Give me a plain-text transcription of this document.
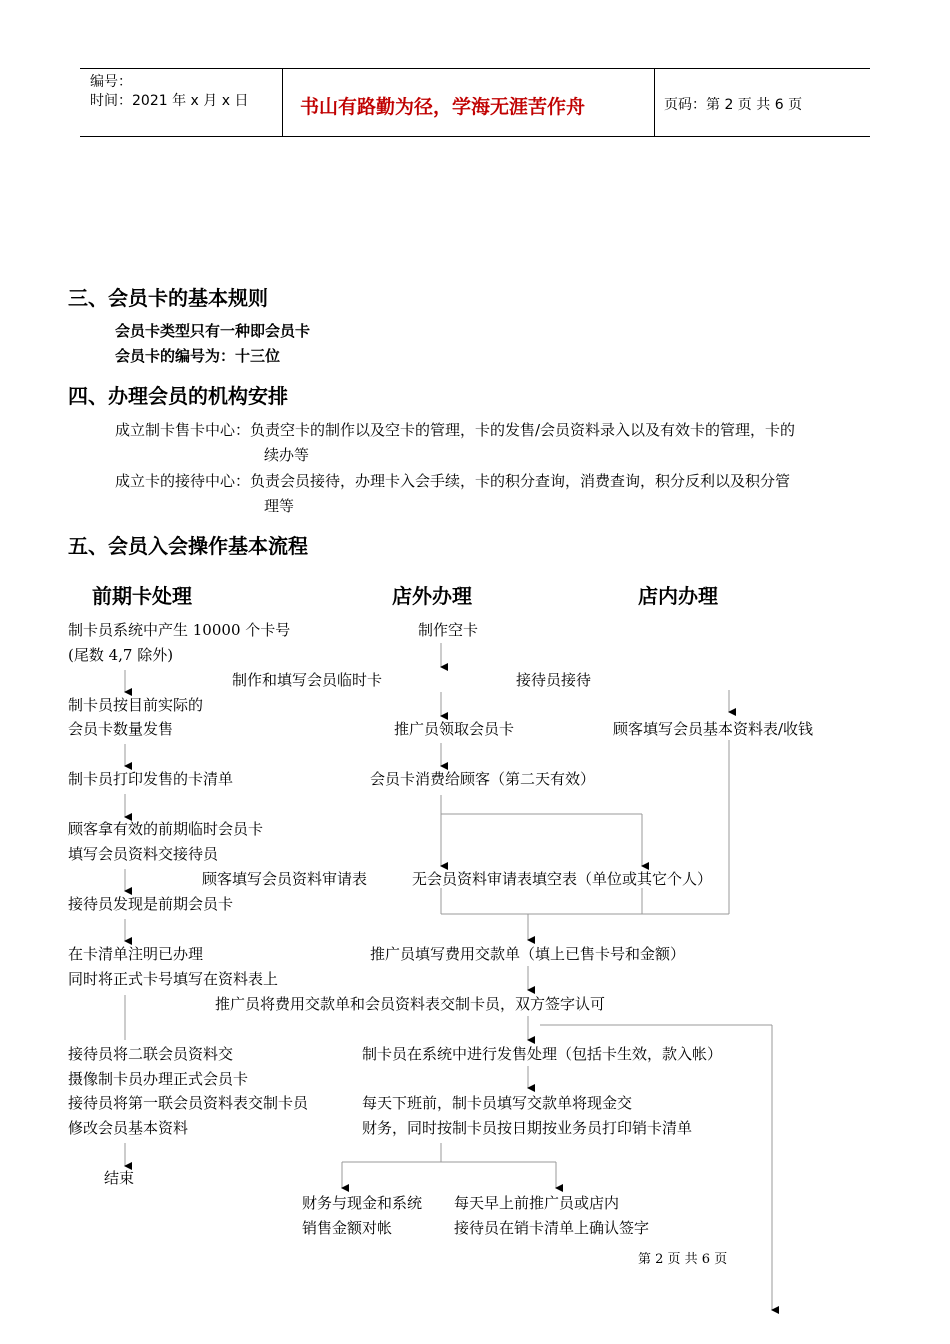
编号：
时间：2021 年 x 月 x 日	书山有路勤为径，学海无涯苦作舟	页码：第 2 页 共 6 页
三、会员卡的基本规则
会员卡类型只有一种即会员卡
会员卡的编号为：十三位
四、办理会员的机构安排
成立制卡售卡中心：负责空卡的制作以及空卡的管理，卡的发售/会员资料录入以及有效卡的管理，卡的
续办等
成立卡的接待中心：负责会员接待，办理卡入会手续，卡的积分查询，消费查询，积分反利以及积分管
理等
五、会员入会操作基本流程
前期卡处理	店外办理	店内办理
制卡员系统中产生 10000 个卡号
(尾数 4,7 除外)
制卡员按目前实际的
会员卡数量发售
制卡员打印发售的卡清单
顾客拿有效的前期临时会员卡
填写会员资料交接待员
接待员发现是前期会员卡
在卡清单注明已办理
同时将正式卡号填写在资料表上
接待员将二联会员资料交
摄像制卡员办理正式会员卡
接待员将第一联会员资料表交制卡员
修改会员基本资料
结束
制作空卡
制作和填写会员临时卡
推广员领取会员卡
会员卡消费给顾客（第二天有效）
顾客填写会员资料审请表	无会员资料审请表填空表（单位或其它个人）
推广员填写费用交款单（填上已售卡号和金额）
推广员将费用交款单和会员资料表交制卡员，双方签字认可
制卡员在系统中进行发售处理（包括卡生效，款入帐）
每天下班前，制卡员填写交款单将现金交
财务，同时按制卡员按日期按业务员打印销卡清单
财务与现金和系统
销售金额对帐
每天早上前推广员或店内
接待员在销卡清单上确认签字
接待员接待
顾客填写会员基本资料表/收钱
第 2 页 共 6 页
